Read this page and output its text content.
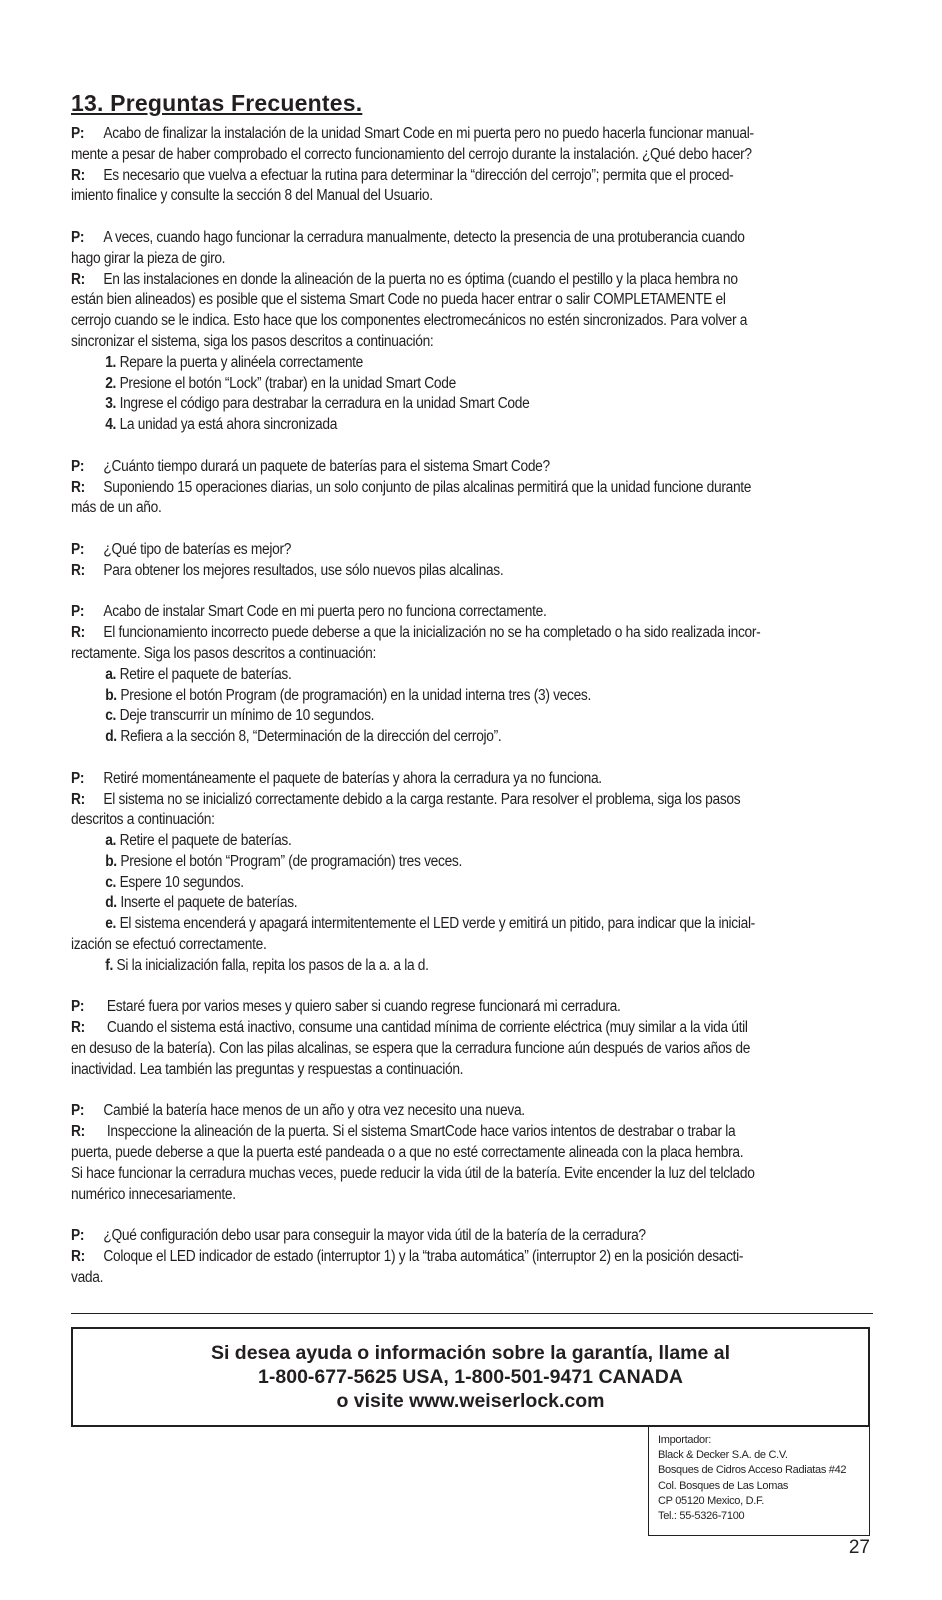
13. Preguntas Frecuentes.
P: Acabo de finalizar la instalación de la unidad Smart Code en mi puerta pero no puedo hacerla funcionar manual-
mente a pesar de haber comprobado el correcto funcionamiento del cerrojo durante la instalación. ¿Qué debo hacer?
R: Es necesario que vuelva a efectuar la rutina para determinar la “dirección del cerrojo”; permita que el proced-
imiento finalice y consulte la sección 8 del Manual del Usuario.
P: A veces, cuando hago funcionar la cerradura manualmente, detecto la presencia de una protuberancia cuando
hago girar la pieza de giro.
R: En las instalaciones en donde la alineación de la puerta no es óptima (cuando el pestillo y la placa hembra no
están bien alineados) es posible que el sistema Smart Code no pueda hacer entrar o salir COMPLETAMENTE el
cerrojo cuando se le indica. Esto hace que los componentes electromecánicos no estén sincronizados. Para volver a
sincronizar el sistema, siga los pasos descritos a continuación:
1. Repare la puerta y alinéela correctamente
2. Presione el botón “Lock” (trabar) en la unidad Smart Code
3. Ingrese el código para destrabar la cerradura en la unidad Smart Code
4. La unidad ya está ahora sincronizada
P: ¿Cuánto tiempo durará un paquete de baterías para el sistema Smart Code?
R: Suponiendo 15 operaciones diarias, un solo conjunto de pilas alcalinas permitirá que la unidad funcione durante
más de un año.
P: ¿Qué tipo de baterías es mejor?
R: Para obtener los mejores resultados, use sólo nuevos pilas alcalinas.
P: Acabo de instalar Smart Code en mi puerta pero no funciona correctamente.
R: El funcionamiento incorrecto puede deberse a que la inicialización no se ha completado o ha sido realizada incor-
rectamente. Siga los pasos descritos a continuación:
a. Retire el paquete de baterías.
b. Presione el botón Program (de programación) en la unidad interna tres (3) veces.
c. Deje transcurrir un mínimo de 10 segundos.
d. Refiera a la sección 8, “Determinación de la dirección del cerrojo”.
P: Retiré momentáneamente el paquete de baterías y ahora la cerradura ya no funciona.
R: El sistema no se inicializó correctamente debido a la carga restante. Para resolver el problema, siga los pasos
descritos a continuación:
a. Retire el paquete de baterías.
b. Presione el botón “Program” (de programación) tres veces.
c. Espere 10 segundos.
d. Inserte el paquete de baterías.
e. El sistema encenderá y apagará intermitentemente el LED verde y emitirá un pitido, para indicar que la inicial-
ización se efectuó correctamente.
f. Si la inicialización falla, repita los pasos de la a. a la d.
P: Estaré fuera por varios meses y quiero saber si cuando regrese funcionará mi cerradura.
R: Cuando el sistema está inactivo, consume una cantidad mínima de corriente eléctrica (muy similar a la vida útil
en desuso de la batería). Con las pilas alcalinas, se espera que la cerradura funcione aún después de varios años de
inactividad. Lea también las preguntas y respuestas a continuación.
P: Cambié la batería hace menos de un año y otra vez necesito una nueva.
R: Inspeccione la alineación de la puerta. Si el sistema SmartCode hace varios intentos de destrabar o trabar la
puerta, puede deberse a que la puerta esté pandeada o a que no esté correctamente alineada con la placa hembra.
Si hace funcionar la cerradura muchas veces, puede reducir la vida útil de la batería. Evite encender la luz del telclado
numérico innecesariamente.
P: ¿Qué configuración debo usar para conseguir la mayor vida útil de la batería de la cerradura?
R: Coloque el LED indicador de estado (interruptor 1) y la “traba automática” (interruptor 2) en la posición desacti-
vada.
Si desea ayuda o información sobre la garantía, llame al
1-800-677-5625 USA, 1-800-501-9471 CANADA
o visite www.weiserlock.com
Importador:
Black & Decker S.A. de C.V.
Bosques de Cidros Acceso Radiatas #42
Col. Bosques de Las Lomas
CP 05120 Mexico, D.F.
Tel.: 55-5326-7100
27
